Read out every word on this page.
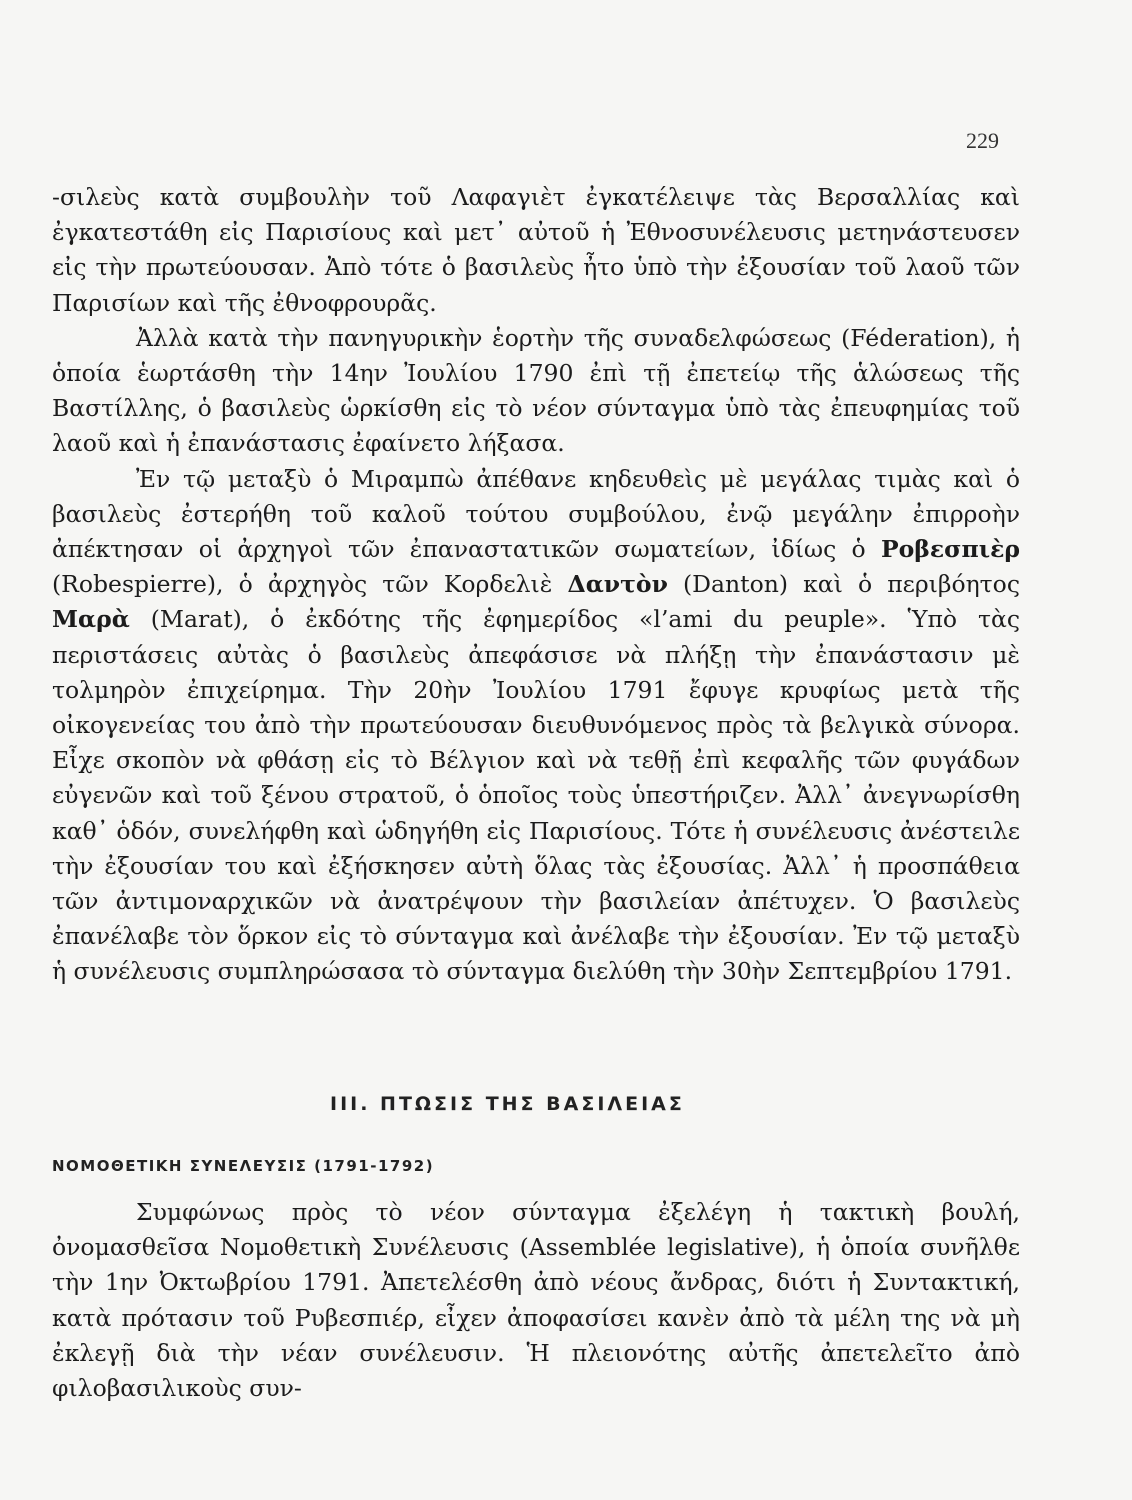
229

-σιλεὺς κατὰ συμβουλὴν τοῦ Λαφαγιὲτ ἐγκατέλειψε τὰς Βερσαλλίας καὶ ἐγκατεστάθη εἰς Παρισίους καὶ μετ᾽ αὐτοῦ ἡ Ἐθνοσυνέλευσις μετηνάστευσεν εἰς τὴν πρωτεύουσαν. Ἀπὸ τότε ὁ βασιλεὺς ἦτο ὑπὸ τὴν ἐξουσίαν τοῦ λαοῦ τῶν Παρισίων καὶ τῆς ἐθνοφρουρᾶς.

Ἀλλὰ κατὰ τὴν πανηγυρικὴν ἑορτὴν τῆς συναδελφώσεως (Féderation), ἡ ὁποία ἑωρτάσθη τὴν 14ην Ἰουλίου 1790 ἐπὶ τῇ ἐπετείῳ τῆς ἁλώσεως τῆς Βαστίλλης, ὁ βασιλεὺς ὡρκίσθη εἰς τὸ νέον σύνταγμα ὑπὸ τὰς ἐπευφημίας τοῦ λαοῦ καὶ ἡ ἐπανάστασις ἐφαίνετο λήξασα.

Ἐν τῷ μεταξὺ ὁ Μιραμπὼ ἀπέθανε κηδευθεὶς μὲ μεγάλας τιμὰς καὶ ὁ βασιλεὺς ἐστερήθη τοῦ καλοῦ τούτου συμβούλου, ἐνῷ μεγάλην ἐπιρροὴν ἀπέκτησαν οἱ ἀρχηγοὶ τῶν ἐπαναστατικῶν σωματείων, ἰδίως ὁ Ροβεσπιὲρ (Robespierre), ὁ ἀρχηγὸς τῶν Κορδελιὲ Δαντὸν (Danton) καὶ ὁ περιβόητος Μαρὰ (Marat), ὁ ἐκδότης τῆς ἐφημερίδος «l’ami du peuple». Ὑπὸ τὰς περιστάσεις αὐτὰς ὁ βασιλεὺς ἀπεφάσισε νὰ πλήξῃ τὴν ἐπανάστασιν μὲ τολμηρὸν ἐπιχείρημα. Τὴν 20ὴν Ἰουλίου 1791 ἔφυγε κρυφίως μετὰ τῆς οἰκογενείας του ἀπὸ τὴν πρωτεύουσαν διευθυνόμενος πρὸς τὰ βελγικὰ σύνορα. Εἶχε σκοπὸν νὰ φθάσῃ εἰς τὸ Βέλγιον καὶ νὰ τεθῇ ἐπὶ κεφαλῆς τῶν φυγάδων εὐγενῶν καὶ τοῦ ξένου στρατοῦ, ὁ ὁποῖος τοὺς ὑπεστήριζεν. Ἀλλ᾽ ἀνεγνωρίσθη καθ᾽ ὁδόν, συνελήφθη καὶ ὡδηγήθη εἰς Παρισίους. Τότε ἡ συνέλευσις ἀνέστειλε τὴν ἐξουσίαν του καὶ ἐξήσκησεν αὐτὴ ὅλας τὰς ἐξουσίας. Ἀλλ᾽ ἡ προσπάθεια τῶν ἀντιμοναρχικῶν νὰ ἀνατρέψουν τὴν βασιλείαν ἀπέτυχεν. Ὁ βασιλεὺς ἐπανέλαβε τὸν ὅρκον εἰς τὸ σύνταγμα καὶ ἀνέλαβε τὴν ἐξουσίαν. Ἐν τῷ μεταξὺ ἡ συνέλευσις συμπληρώσασα τὸ σύνταγμα διελύθη τὴν 30ὴν Σεπτεμβρίου 1791.

III. ΠΤΩΣΙΣ ΤΗΣ ΒΑΣΙΛΕΙΑΣ
ΝΟΜΟΘΕΤΙΚΗ ΣΥΝΕΛΕΥΣΙΣ (1791-1792)

Συμφώνως πρὸς τὸ νέον σύνταγμα ἐξελέγη ἡ τακτικὴ βουλή, ὀνομασθεῖσα Νομοθετικὴ Συνέλευσις (Assemblée legislative), ἡ ὁποία συνῆλθε τὴν 1ην Ὀκτωβρίου 1791. Ἀπετελέσθη ἀπὸ νέους ἄνδρας, διότι ἡ Συντακτική, κατὰ πρότασιν τοῦ Ρυβεσπιέρ, εἶχεν ἀποφασίσει κανὲν ἀπὸ τὰ μέλη της νὰ μὴ ἐκλεγῇ διὰ τὴν νέαν συνέλευσιν. Ἡ πλειονότης αὐτῆς ἀπετελεῖτο ἀπὸ φιλοβασιλικοὺς συν-
